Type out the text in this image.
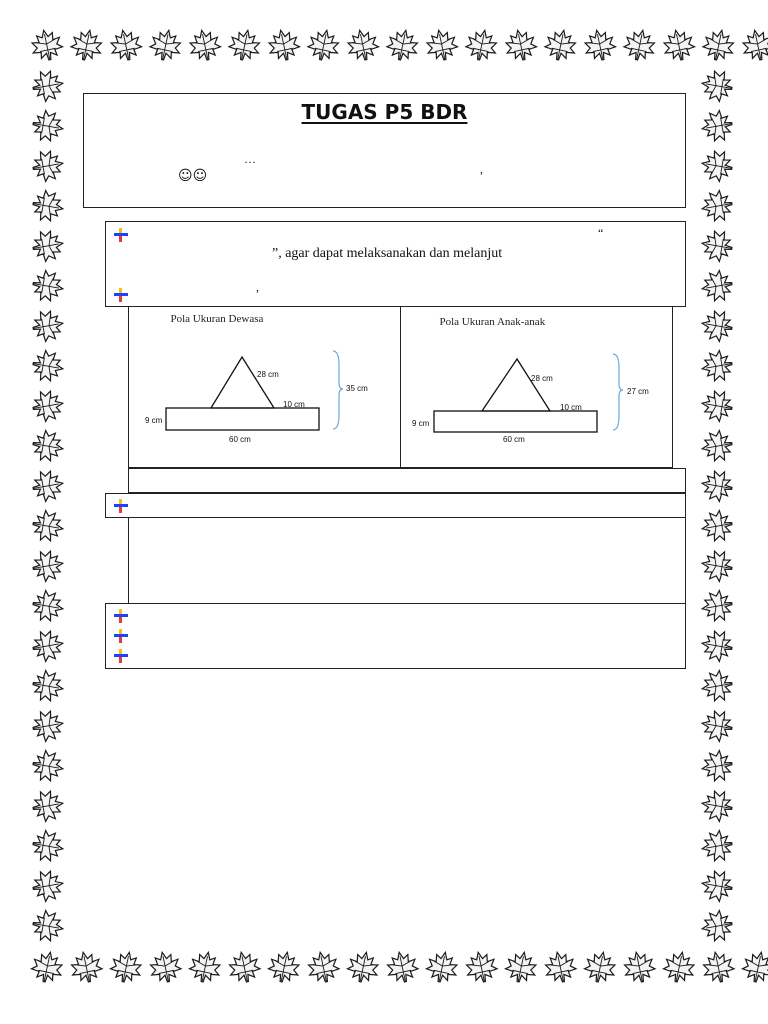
TUGAS P5 BDR
…
☺☺	,
“
”, agar dapat melaksanakan dan melanjut
,
Pola Ukuran Dewasa
28 cm
35 cm
9 cm
10 cm
60 cm
Pola Ukuran Anak-anak
28 cm
27 cm
9 cm
10 cm
60 cm
